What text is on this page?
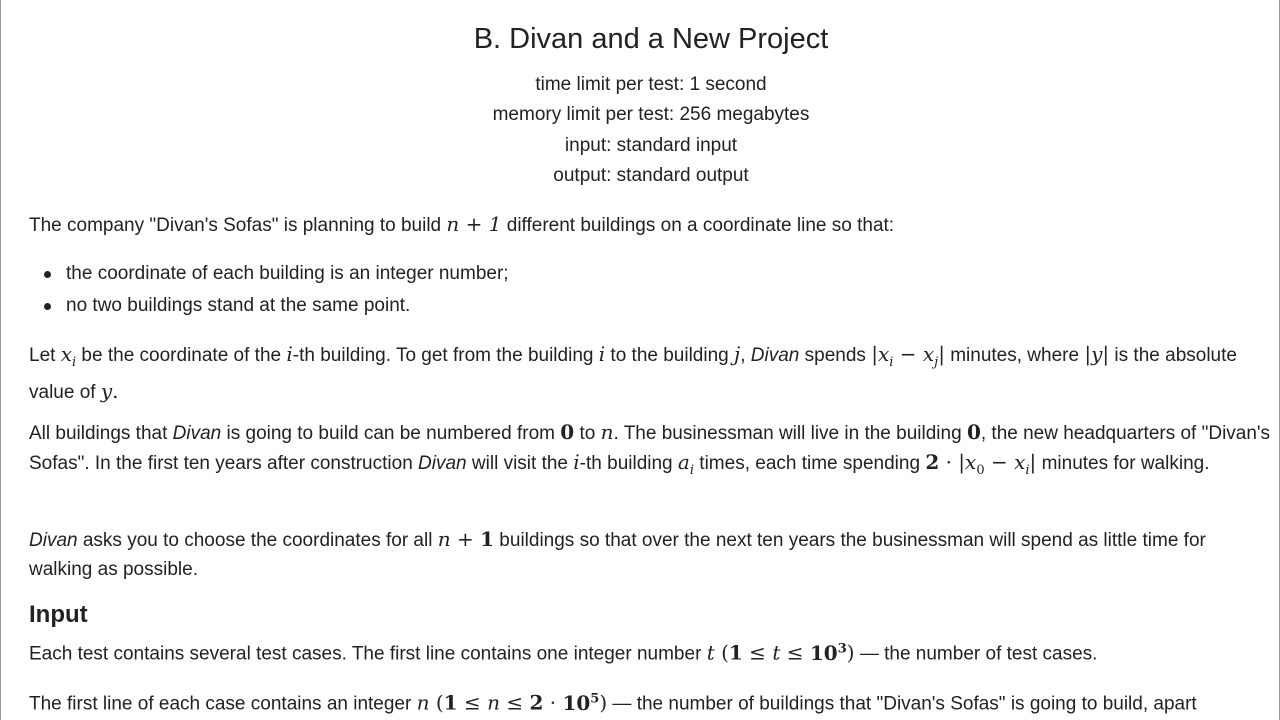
B. Divan and a New Project
time limit per test: 1 second
memory limit per test: 256 megabytes
input: standard input
output: standard output

The company "Divan's Sofas" is planning to build n + 1 different buildings on a coordinate line so that:

the coordinate of each building is an integer number;
no two buildings stand at the same point.

Let $x_i$ be the coordinate of the i-th building. To get from the building i to the building j, Divan spends $|x_i - x_j|$ minutes, where |y| is the absolute value of y.

All buildings that Divan is going to build can be numbered from 0 to n. The businessman will live in the building 0, the new headquarters of "Divan's Sofas". In the first ten years after construction Divan will visit the i-th building $a_i$ times, each time spending $2 \cdot |x_0 - x_i|$ minutes for walking.

Divan asks you to choose the coordinates for all n + 1 buildings so that over the next ten years the businessman will spend as little time for walking as possible.

Input

Each test contains several test cases. The first line contains one integer number t $(1 \le t \le 10^3)$ — the number of test cases.

The first line of each case contains an integer n $(1 \le n \le 2 \cdot 10^5)$ — the number of buildings that "Divan's Sofas" is going to build, apart
